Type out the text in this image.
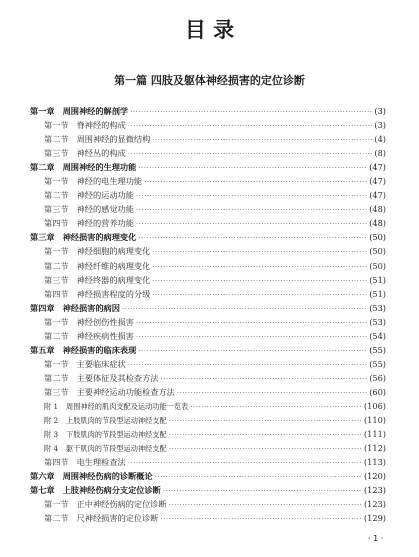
目 录
第一篇 四肢及躯体神经损害的定位诊断
第一章 周围神经的解剖学 ·····	(3)
第一节 脊神经的构成 ·····	(3)
第二节 周围神经的显微结构 ·····	(4)
第三节 神经丛的构成 ·····	(8)
第二章 周围神经的生理功能 ·····	(47)
第一节 神经的电生理功能 ·····	(47)
第二节 神经的运动功能 ·····	(47)
第三节 神经的感觉功能 ·····	(48)
第四节 神经的营养功能 ·····	(48)
第三章 神经损害的病理变化 ·····	(50)
第一节 神经细胞的病理变化 ·····	(50)
第二节 神经纤维的病理变化 ·····	(50)
第三节 神经终器的病理变化 ·····	(51)
第四节 神经损害程度的分级 ·····	(51)
第四章 神经损害的病因 ·····	(53)
第一节 神经创伤性损害 ·····	(53)
第二节 神经疾病性损害 ·····	(54)
第五章 神经损害的临床表现 ·····	(55)
第一节 主要临床症状 ·····	(55)
第二节 主要体征及其检查方法 ·····	(56)
第三节 主要神经运动功能检查方法 ·····	(60)
附 1 周围神经的肌肉支配及运动功能一览表 ·····	(106)
附 2 上肢肌肉的节段型运动神经支配 ·····	(110)
附 3 下肢肌肉的节段型运动神经支配 ·····	(111)
附 4 躯干肌肉的节段型运动神经支配 ·····	(112)
第四节 电生理检查法 ·····	(113)
第六章 周围神经伤病的诊断概论 ·····	(120)
第七章 上肢神经伤病分支定位诊断 ·····	(123)
第一节 正中神经伤病的定位诊断 ·····	(123)
第二节 尺神经损害的定位诊断 ·····	(129)
· 1 ·
